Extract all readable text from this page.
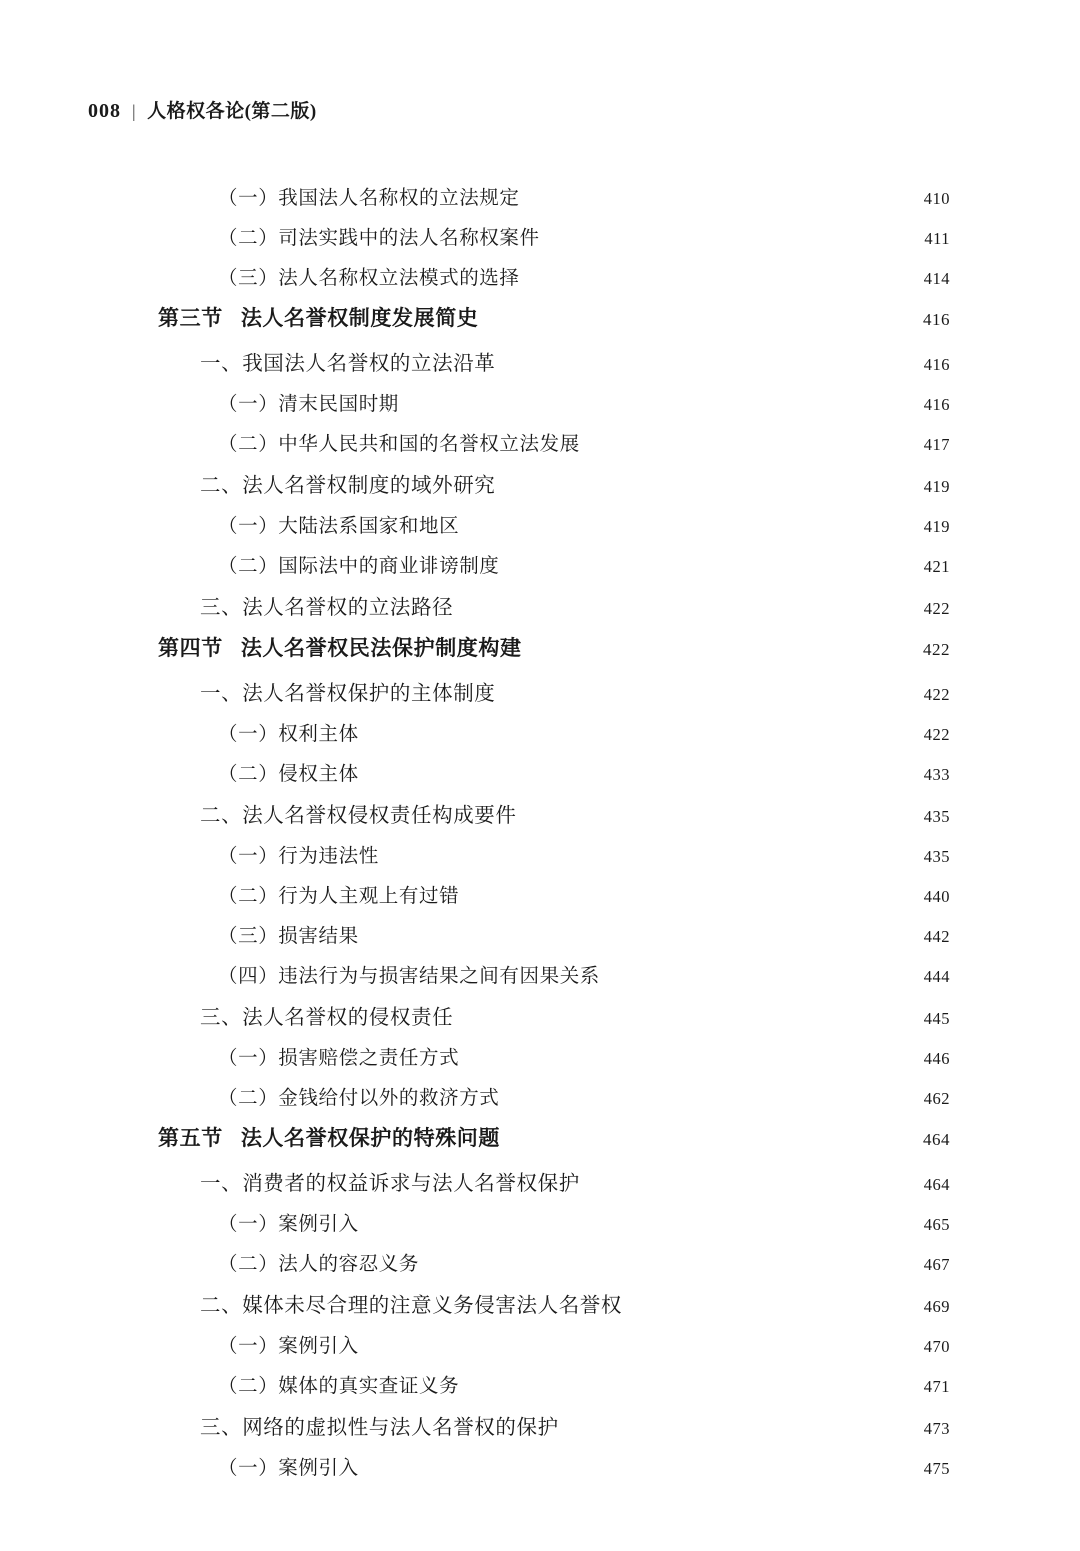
008 | 人格权各论(第二版)
（一）我国法人名称权的立法规定	410
（二）司法实践中的法人名称权案件	411
（三）法人名称权立法模式的选择	414
第三节 法人名誉权制度发展简史	416
一、我国法人名誉权的立法沿革	416
（一）清末民国时期	416
（二）中华人民共和国的名誉权立法发展	417
二、法人名誉权制度的域外研究	419
（一）大陆法系国家和地区	419
（二）国际法中的商业诽谤制度	421
三、法人名誉权的立法路径	422
第四节 法人名誉权民法保护制度构建	422
一、法人名誉权保护的主体制度	422
（一）权利主体	422
（二）侵权主体	433
二、法人名誉权侵权责任构成要件	435
（一）行为违法性	435
（二）行为人主观上有过错	440
（三）损害结果	442
（四）违法行为与损害结果之间有因果关系	444
三、法人名誉权的侵权责任	445
（一）损害赔偿之责任方式	446
（二）金钱给付以外的救济方式	462
第五节 法人名誉权保护的特殊问题	464
一、消费者的权益诉求与法人名誉权保护	464
（一）案例引入	465
（二）法人的容忍义务	467
二、媒体未尽合理的注意义务侵害法人名誉权	469
（一）案例引入	470
（二）媒体的真实查证义务	471
三、网络的虚拟性与法人名誉权的保护	473
（一）案例引入	475
